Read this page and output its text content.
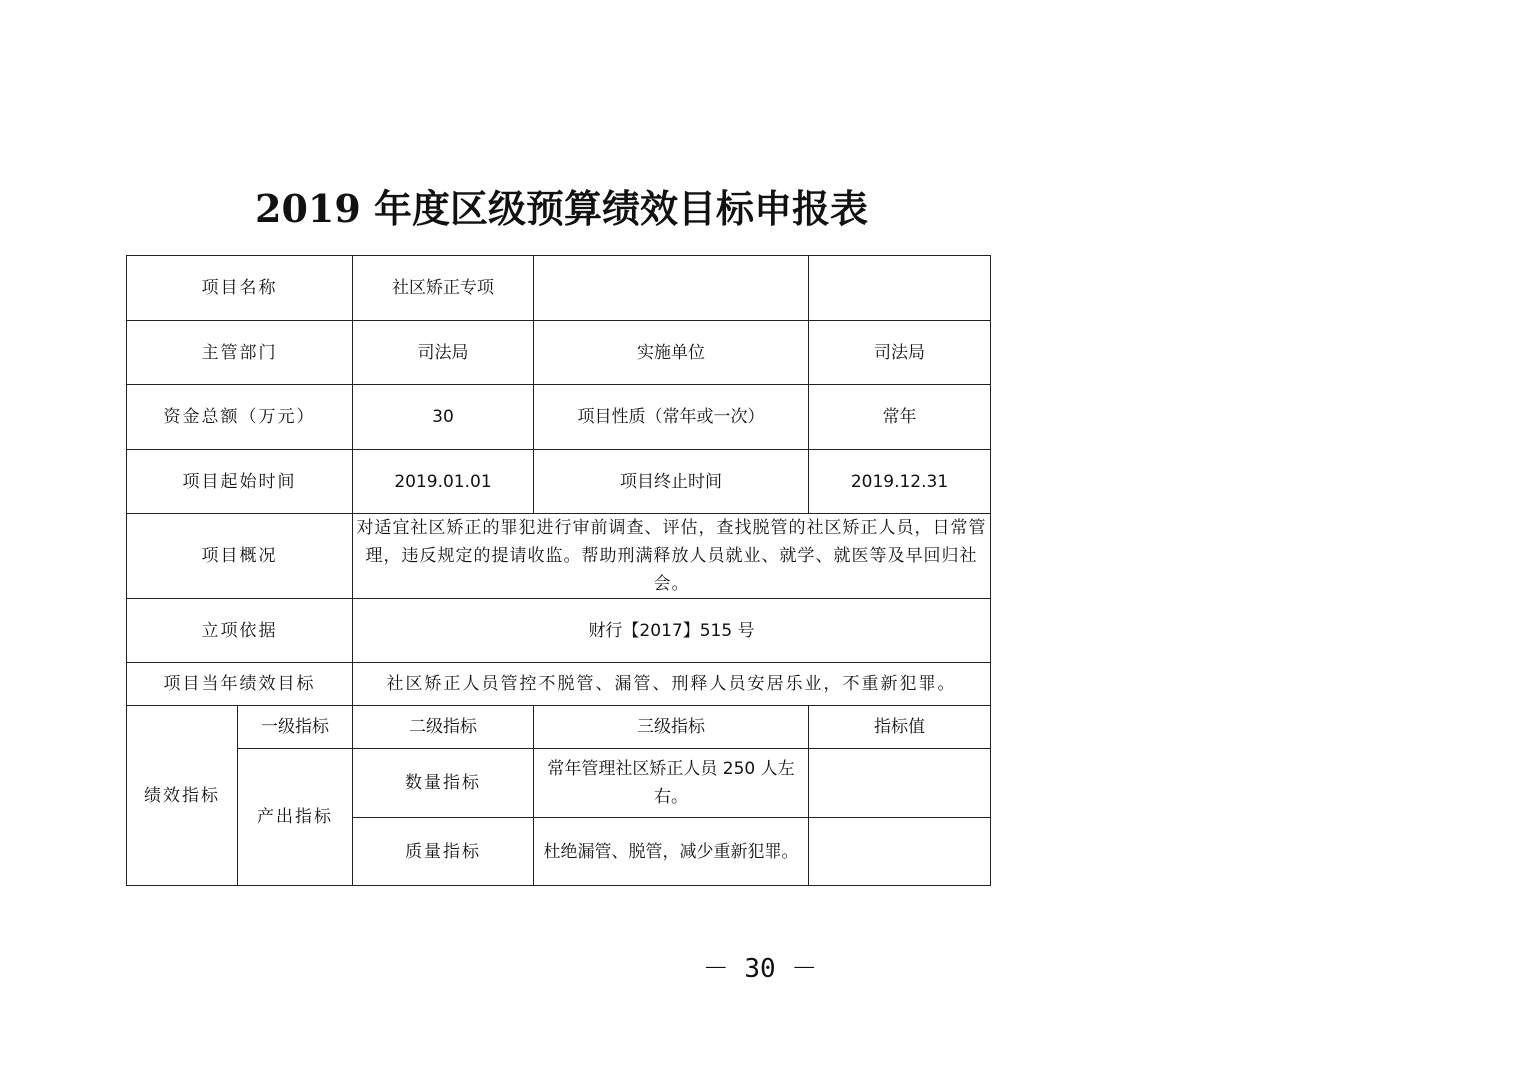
2019 年度区级预算绩效目标申报表
项目名称		社区矫正专项		
主管部门		司法局	实施单位	司法局
资金总额（万元）		30	项目性质（常年或一次）	常年
项目起始时间		2019.01.01	项目终止时间	2019.12.31
项目概况		对适宜社区矫正的罪犯进行审前调查、评估，查找脱管的社区矫正人员，日常管理，违反规定的提请收监。帮助刑满释放人员就业、就学、就医等及早回归社会。		
立项依据		财行【2017】515 号		
项目当年绩效目标		社区矫正人员管控不脱管、漏管、刑释人员安居乐业，不重新犯罪。		
绩效指标	一级指标	二级指标	三级指标	指标值
	产出指标	数量指标	常年管理社区矫正人员 250 人左右。	
		质量指标	杜绝漏管、脱管，减少重新犯罪。	
－ 30 －
